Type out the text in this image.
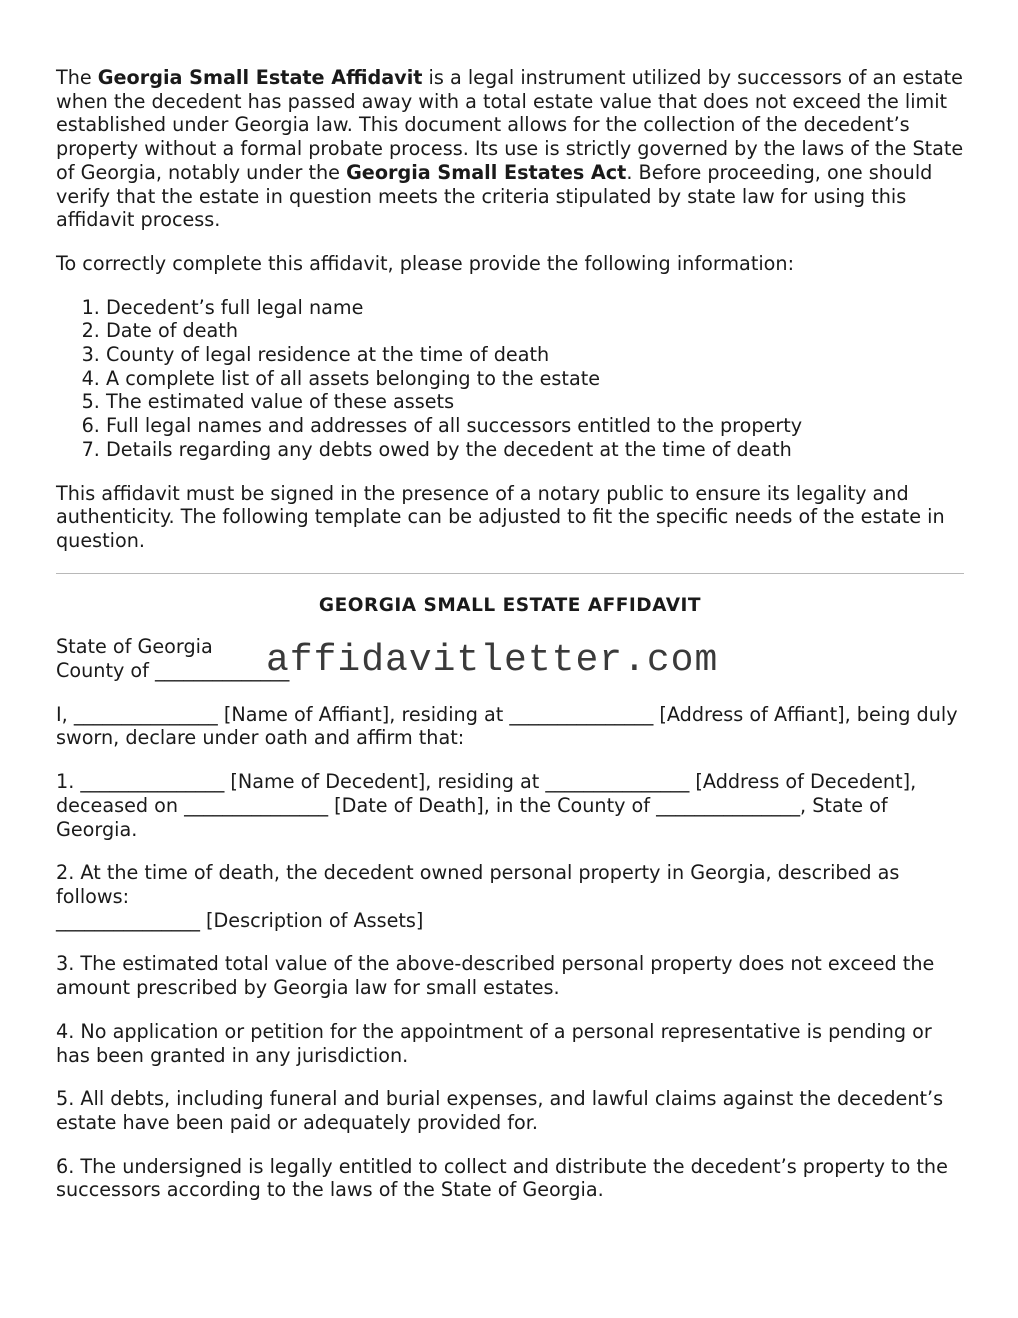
The Georgia Small Estate Affidavit is a legal instrument utilized by successors of an estate when the decedent has passed away with a total estate value that does not exceed the limit established under Georgia law. This document allows for the collection of the decedent’s property without a formal probate process. Its use is strictly governed by the laws of the State of Georgia, notably under the Georgia Small Estates Act. Before proceeding, one should verify that the estate in question meets the criteria stipulated by state law for using this affidavit process.

To correctly complete this affidavit, please provide the following information:

1. Decedent’s full legal name
2. Date of death
3. County of legal residence at the time of death
4. A complete list of all assets belonging to the estate
5. The estimated value of these assets
6. Full legal names and addresses of all successors entitled to the property
7. Details regarding any debts owed by the decedent at the time of death

This affidavit must be signed in the presence of a notary public to ensure its legality and authenticity. The following template can be adjusted to fit the specific needs of the estate in question.

GEORGIA SMALL ESTATE AFFIDAVIT

State of Georgia
County of ______________
affidavitletter.com

I, _______________ [Name of Affiant], residing at _______________ [Address of Affiant], being duly sworn, declare under oath and affirm that:

1. _______________ [Name of Decedent], residing at _______________ [Address of Decedent], deceased on _______________ [Date of Death], in the County of _______________, State of Georgia.

2. At the time of death, the decedent owned personal property in Georgia, described as follows:
_______________ [Description of Assets]

3. The estimated total value of the above-described personal property does not exceed the amount prescribed by Georgia law for small estates.

4. No application or petition for the appointment of a personal representative is pending or has been granted in any jurisdiction.

5. All debts, including funeral and burial expenses, and lawful claims against the decedent’s estate have been paid or adequately provided for.

6. The undersigned is legally entitled to collect and distribute the decedent’s property to the successors according to the laws of the State of Georgia.
